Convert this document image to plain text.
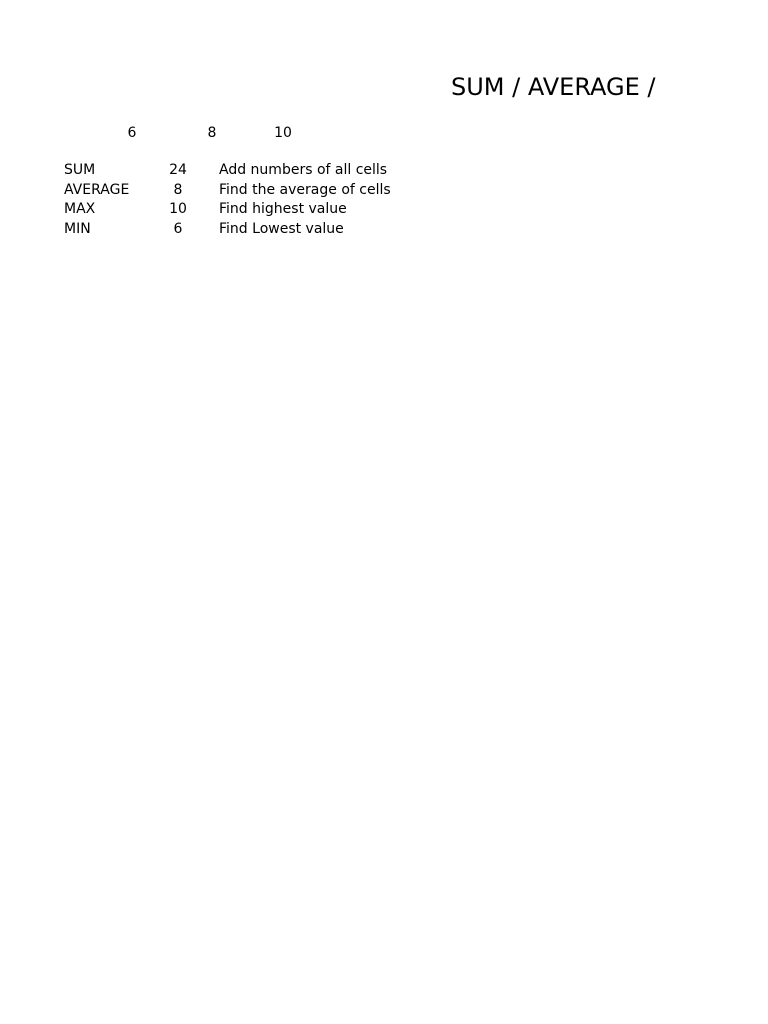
SUM / AVERAGE /
6	8	10
SUM	24	Add numbers of all cells
AVERAGE	8	Find the average of cells
MAX	10	Find highest value
MIN	6	Find Lowest value
